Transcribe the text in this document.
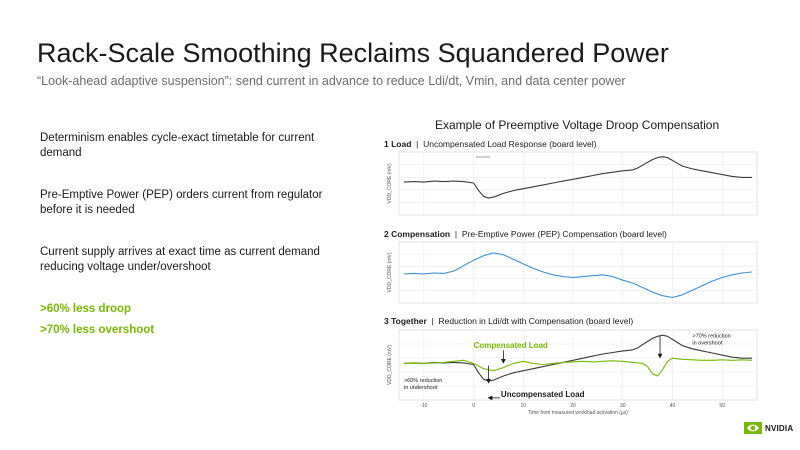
Rack-Scale Smoothing Reclaims Squandered Power
“Look-ahead adaptive suspension”: send current in advance to reduce Ldi/dt, Vmin, and data center power
Determinism enables cycle-exact timetable for current demand
Pre-Emptive Power (PEP) orders current from regulator before it is needed
Current supply arrives at exact time as current demand reducing voltage under/overshoot
>60% less droop
>70% less overshoot
Example of Preemptive Voltage Droop Compensation
1 Load  |  Uncompensated Load Response (board level)
2 Compensation  |  Pre-Emptive Power (PEP) Compensation (board level)
3 Together  |  Reduction in Ldi/dt with Compensation (board level)
VDD_CORE (mV)
activation
VDD_CORE (mV)
VDD_CORE (mV)
-10	0	10	20	30	40	50
Time from measured workload activation (µs)
Compensated Load
Uncompensated Load
>60% reduction in undershoot
>70% reduction in overshoot
NVIDIA
